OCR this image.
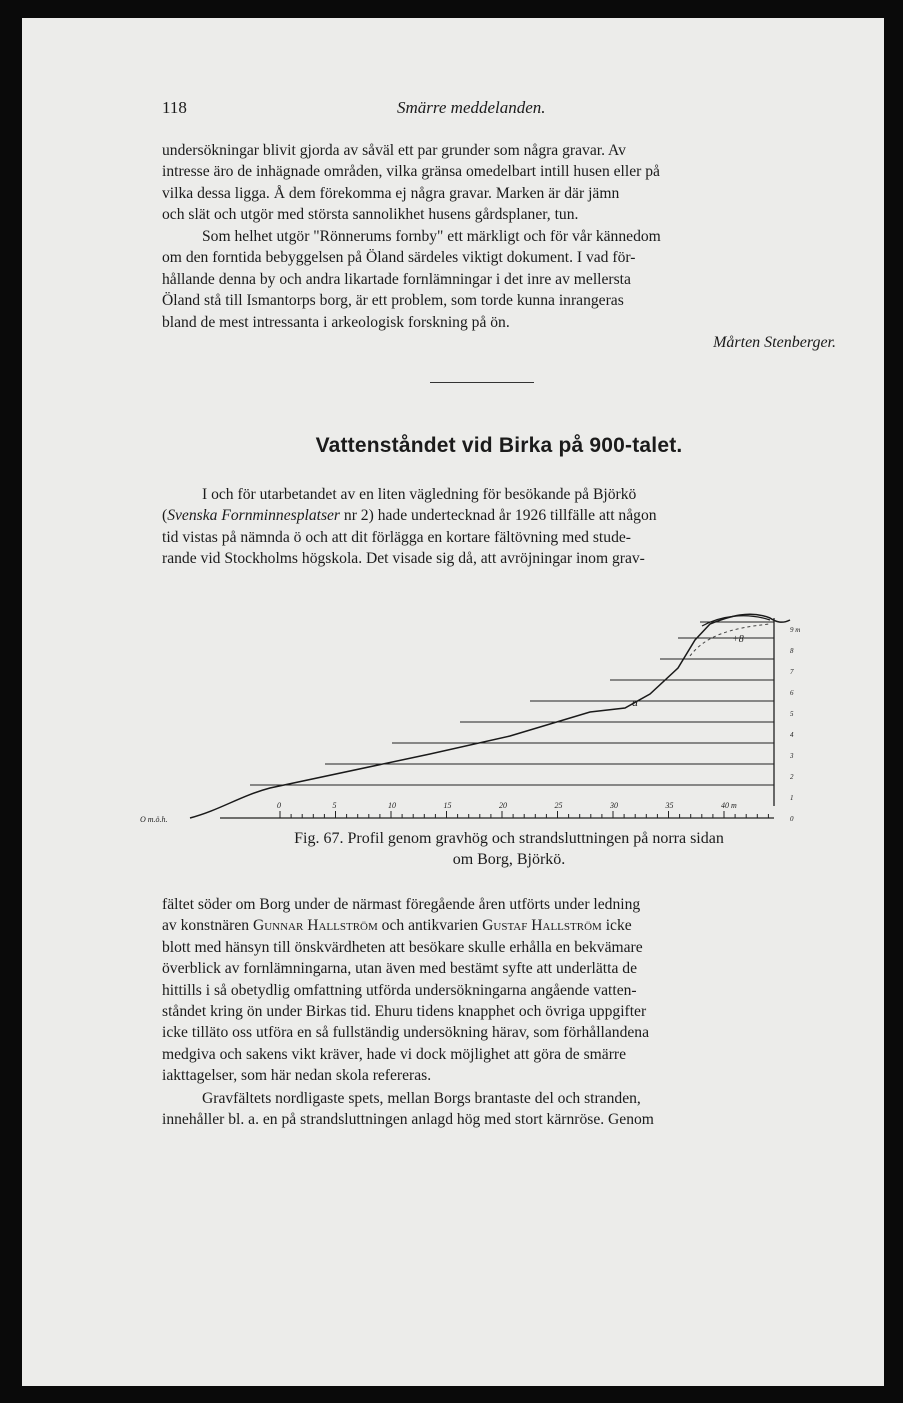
118	Smärre meddelanden.

undersökningar blivit gjorda av såväl ett par grunder som några gravar. Av
intresse äro de inhägnade områden, vilka gränsa omedelbart intill husen eller på
vilka dessa ligga. Å dem förekomma ej några gravar. Marken är där jämn
och slät och utgör med största sannolikhet husens gårdsplaner, tun.

Som helhet utgör "Rönnerums fornby" ett märkligt och för vår kännedom
om den forntida bebyggelsen på Öland särdeles viktigt dokument. I vad för-
hållande denna by och andra likartade fornlämningar i det inre av mellersta
Öland stå till Ismantorps borg, är ett problem, som torde kunna inrangeras
bland de mest intressanta i arkeologisk forskning på ön.

Mårten Stenberger.
Vattenståndet vid Birka på 900-talet.

I och för utarbetandet av en liten vägledning för besökande på Björkö
(Svenska Fornminnesplatser nr 2) hade undertecknad år 1926 tillfälle att någon
tid vistas på nämnda ö och att dit förlägga en kortare fältövning med stude-
rande vid Stockholms högskola. Det visade sig då, att avröjningar inom grav-

O m.ö.h.
a
+8
0	5	10	15	20	25	30	35	40 m
0
1
2
3
4
5
6
7
8
9 m
Fig. 67. Profil genom gravhög och strandsluttningen på norra sidan
om Borg, Björkö.

fältet söder om Borg under de närmast föregående åren utförts under ledning
av konstnären Gunnar Hallström och antikvarien Gustaf Hallström icke
blott med hänsyn till önskvärdheten att besökare skulle erhålla en bekvämare
överblick av fornlämningarna, utan även med bestämt syfte att underlätta de
hittills i så obetydlig omfattning utförda undersökningarna angående vatten-
ståndet kring ön under Birkas tid. Ehuru tidens knapphet och övriga uppgifter
icke tilläto oss utföra en så fullständig undersökning härav, som förhållandena
medgiva och sakens vikt kräver, hade vi dock möjlighet att göra de smärre
iakttagelser, som här nedan skola refereras.

Gravfältets nordligaste spets, mellan Borgs brantaste del och stranden,
innehåller bl. a. en på strandsluttningen anlagd hög med stort kärnröse. Genom
